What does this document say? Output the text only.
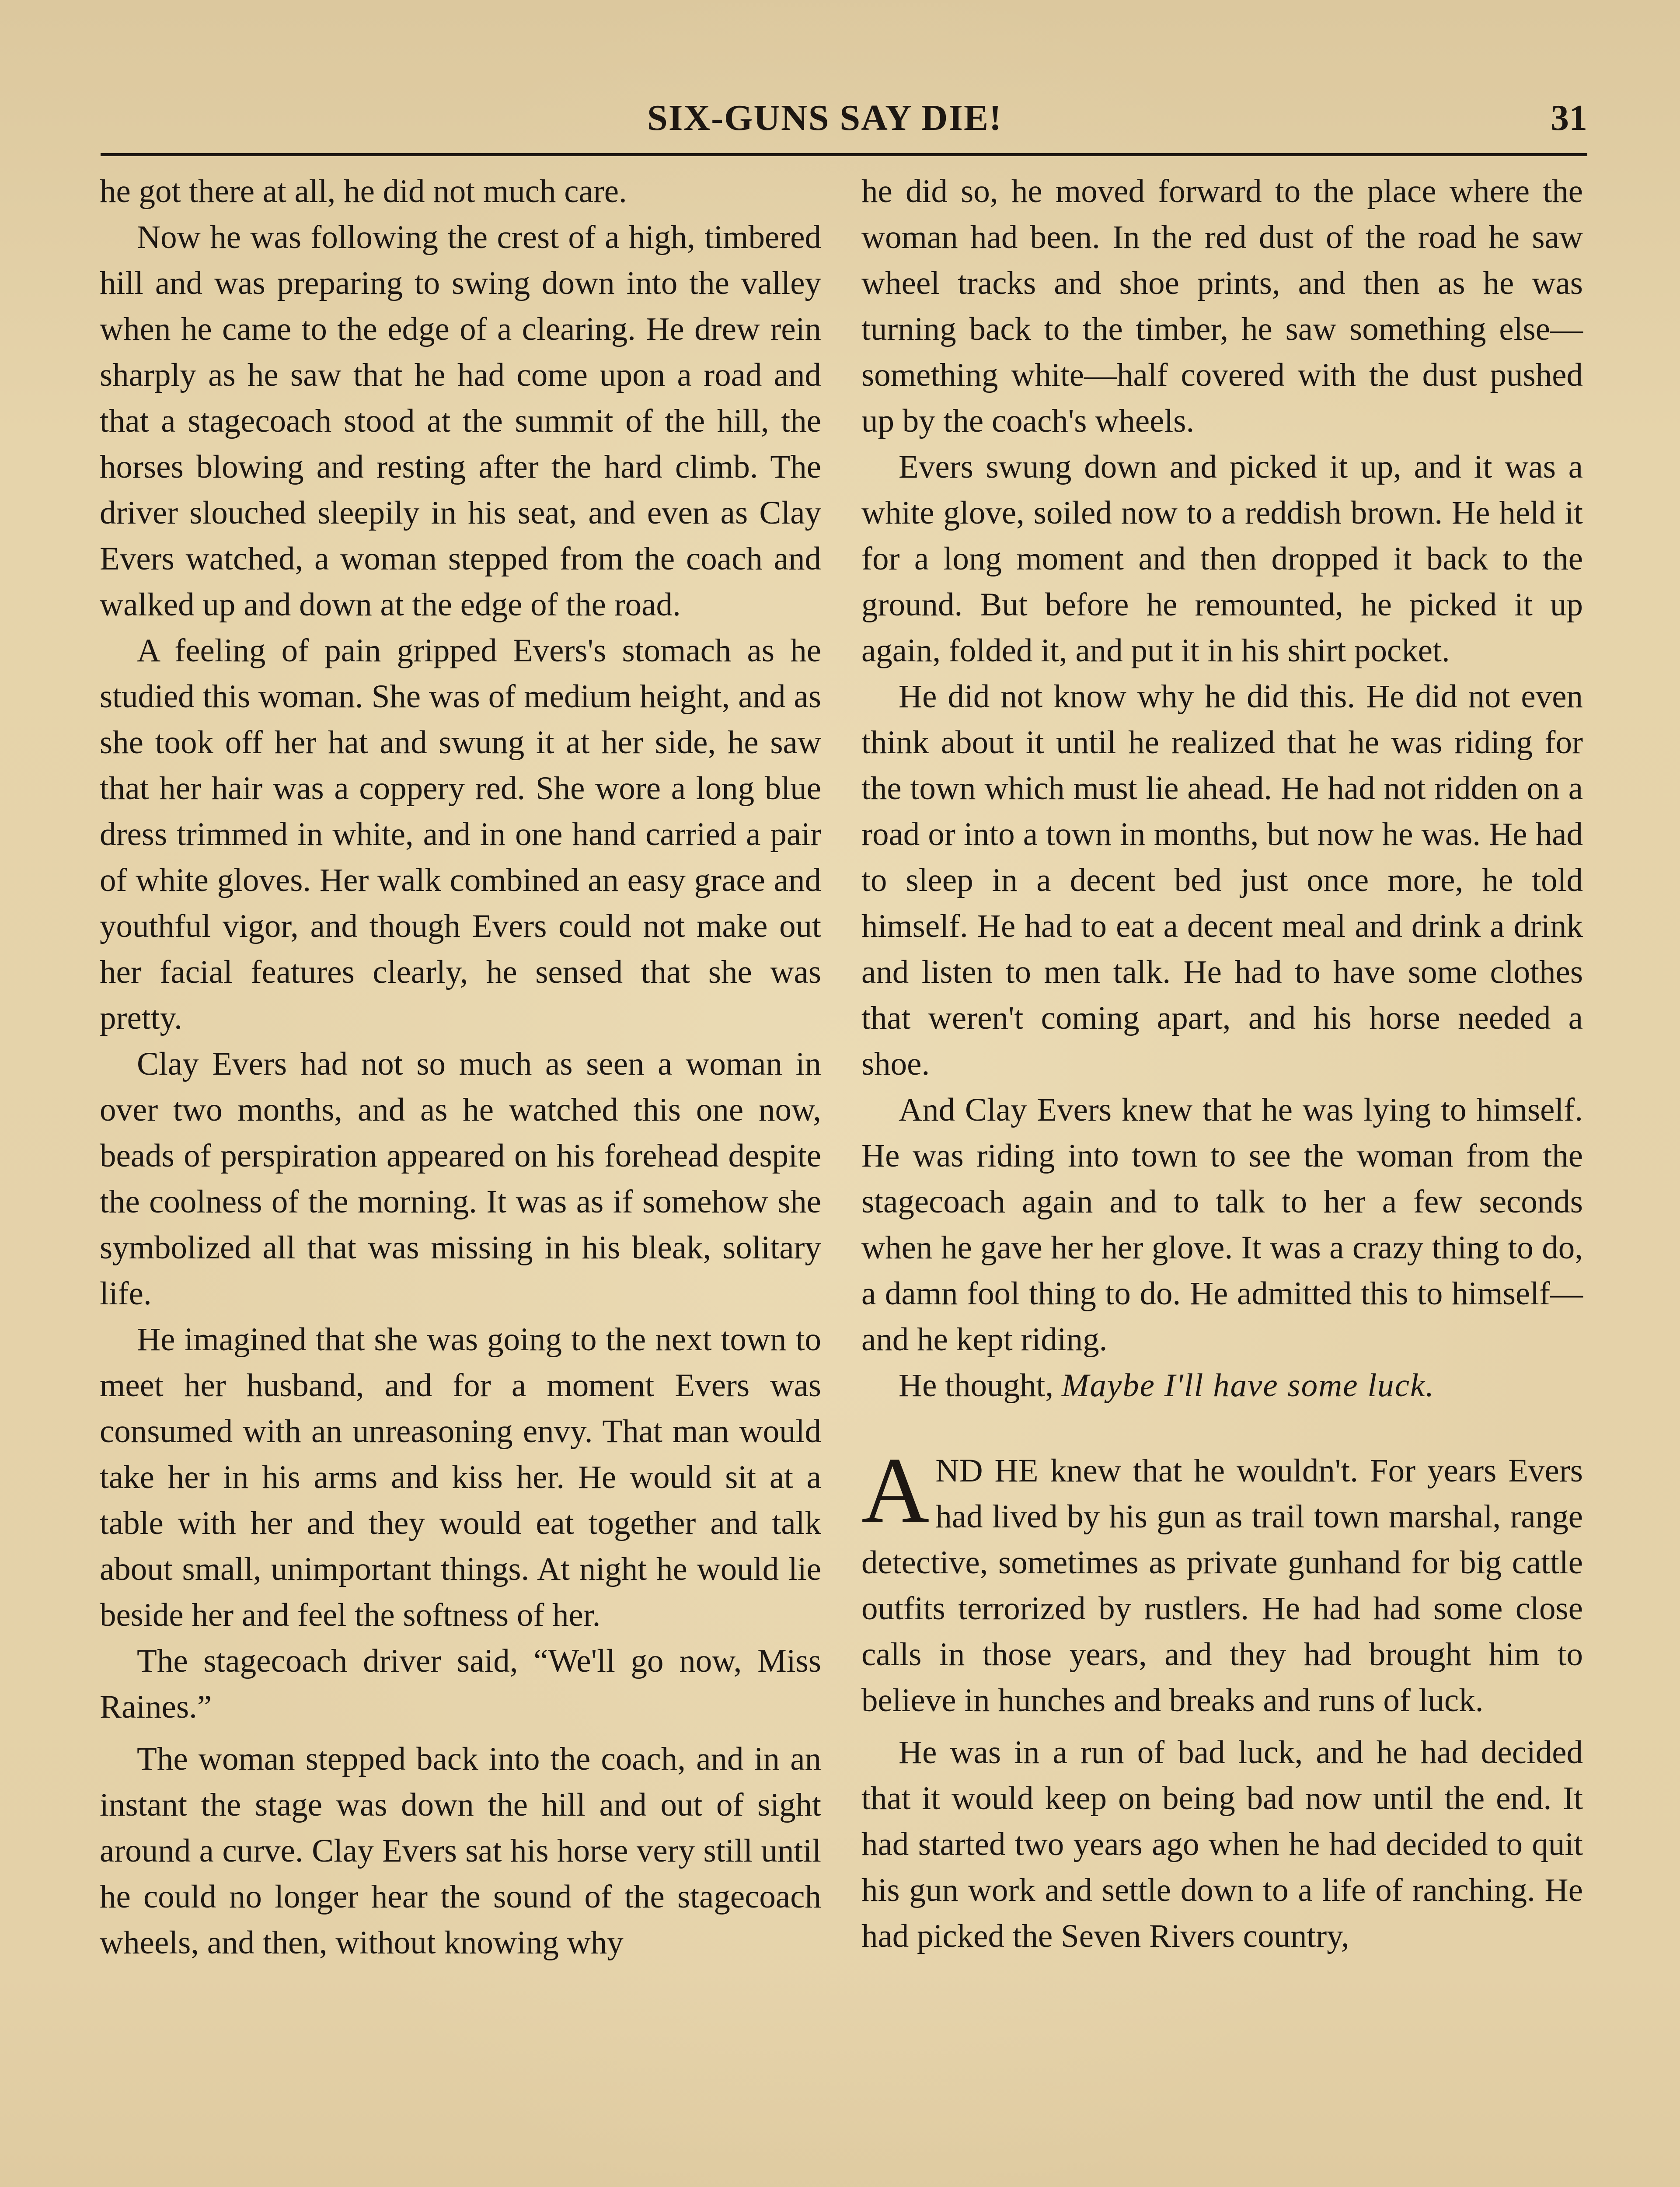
SIX-GUNS SAY DIE!	31

he got there at all, he did not much care.

Now he was following the crest of a high, timbered hill and was preparing to swing down into the valley when he came to the edge of a clearing. He drew rein sharply as he saw that he had come upon a road and that a stagecoach stood at the summit of the hill, the horses blowing and resting after the hard climb. The driver slouched sleepily in his seat, and even as Clay Evers watched, a woman stepped from the coach and walked up and down at the edge of the road.

A feeling of pain gripped Evers's stomach as he studied this woman. She was of medium height, and as she took off her hat and swung it at her side, he saw that her hair was a coppery red. She wore a long blue dress trimmed in white, and in one hand carried a pair of white gloves. Her walk combined an easy grace and youthful vigor, and though Evers could not make out her facial features clearly, he sensed that she was pretty.

Clay Evers had not so much as seen a woman in over two months, and as he watched this one now, beads of perspiration appeared on his forehead despite the coolness of the morning. It was as if somehow she symbolized all that was missing in his bleak, solitary life.

He imagined that she was going to the next town to meet her husband, and for a moment Evers was consumed with an unreasoning envy. That man would take her in his arms and kiss her. He would sit at a table with her and they would eat together and talk about small, unimportant things. At night he would lie beside her and feel the softness of her.

The stagecoach driver said, “We'll go now, Miss Raines.”

The woman stepped back into the coach, and in an instant the stage was down the hill and out of sight around a curve. Clay Evers sat his horse very still until he could no longer hear the sound of the stagecoach wheels, and then, without knowing why

he did so, he moved forward to the place where the woman had been. In the red dust of the road he saw wheel tracks and shoe prints, and then as he was turning back to the timber, he saw something else—something white—half covered with the dust pushed up by the coach's wheels.

Evers swung down and picked it up, and it was a white glove, soiled now to a reddish brown. He held it for a long moment and then dropped it back to the ground. But before he remounted, he picked it up again, folded it, and put it in his shirt pocket.

He did not know why he did this. He did not even think about it until he realized that he was riding for the town which must lie ahead. He had not ridden on a road or into a town in months, but now he was. He had to sleep in a decent bed just once more, he told himself. He had to eat a decent meal and drink a drink and listen to men talk. He had to have some clothes that weren't coming apart, and his horse needed a shoe.

And Clay Evers knew that he was lying to himself. He was riding into town to see the woman from the stagecoach again and to talk to her a few seconds when he gave her her glove. It was a crazy thing to do, a damn fool thing to do. He admitted this to himself—and he kept riding.

He thought, Maybe I'll have some luck.

AND HE knew that he wouldn't. For years Evers had lived by his gun as trail town marshal, range detective, sometimes as private gunhand for big cattle outfits terrorized by rustlers. He had had some close calls in those years, and they had brought him to believe in hunches and breaks and runs of luck.

He was in a run of bad luck, and he had decided that it would keep on being bad now until the end. It had started two years ago when he had decided to quit his gun work and settle down to a life of ranching. He had picked the Seven Rivers country,
